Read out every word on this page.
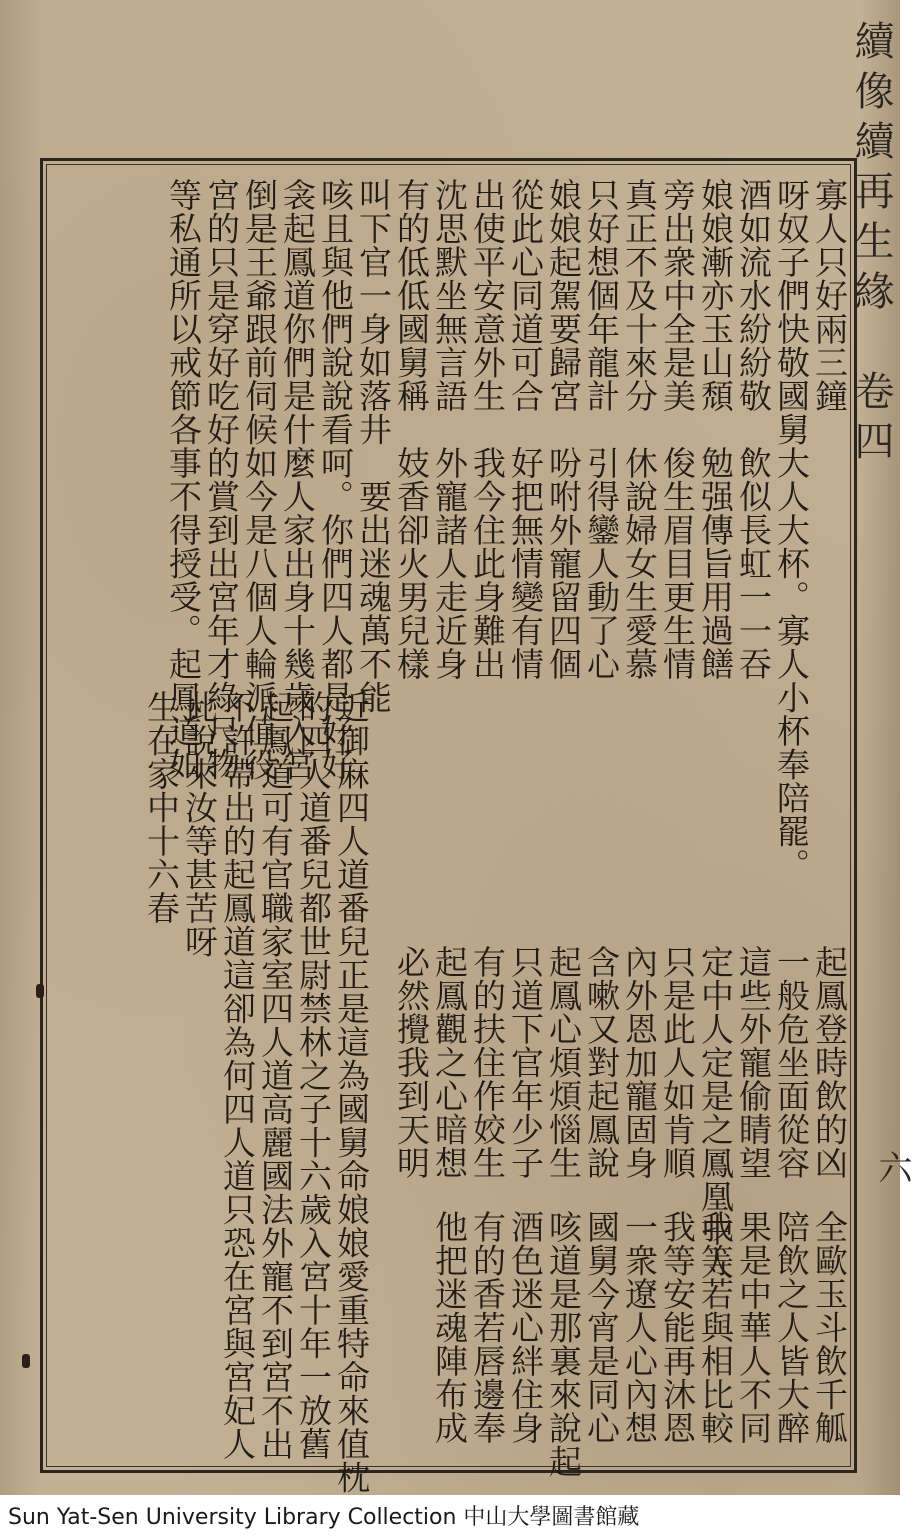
續像續再生緣　卷四
六
寡人只好兩三鐘
呀奴子們快敬國舅大人大杯。寡人小杯奉陪罷。
酒如流水紛紛敬　飲似長虹一一吞
娘娘漸亦玉山頹　勉强傳旨用過饍
旁出衆中全是美　俊生眉目更生情
真正不及十來分　休說婦女生愛慕
只好想個年龍計　引得鑾人動了心
娘娘起駕要歸宮　吩咐外寵留四個
從此心同道可合　好把無情變有情
出使平安意外生　我今住此身難出
沈思默坐無言語　外寵諸人走近身
有的低低國舅稱　妓香卻火男兒樣
叫下官一身如落井　要出迷魂萬不能
咳且與他們說說看呵。你們四人都是好好
衾起鳳道你們是什麼人家出身十幾歲入宮
倒是王爺跟前伺候如今是八個人輪派值役
宮的只是穿好吃好的賞到出宮年才綠尺物
等私通所以戒節各事不得授受。起鳳道如
起鳳登時飲的凶
一般危坐面從容
這些外寵偷睛望
定中人定是之鳳凰中人
只是此人如肯順
內外恩加寵固身
含嗽又對起鳳說
起鳳心煩煩惱生
只道下官年少子
有的扶住作姣生
起鳳觀之心暗想
必然攪我到天明
全歐玉斗飲千觚
陪飲之人皆大醉
果是中華人不同
我等若與相比較
我等安能再沐恩
一衆遼人心內想
國舅今宵是同心
咳道是那裏來說起
酒色迷心絆住身
有的香若唇邊奉
他把迷魂陣布成
近御麻四人道番兒正是這為國舅命娘娘愛重特命來值枕
的四人道番兒都世尉禁林之子十六歲入宮十年一放舊
起鳳道可有官職家室四人道高麗國法外寵不到宮不出
不許帶出的起鳳道這卻為何四人道只恐在宮與宮妃人
此說來汝等甚苦呀
生在家中十六春
Sun Yat-Sen University Library Collection 中山大學圖書館藏
